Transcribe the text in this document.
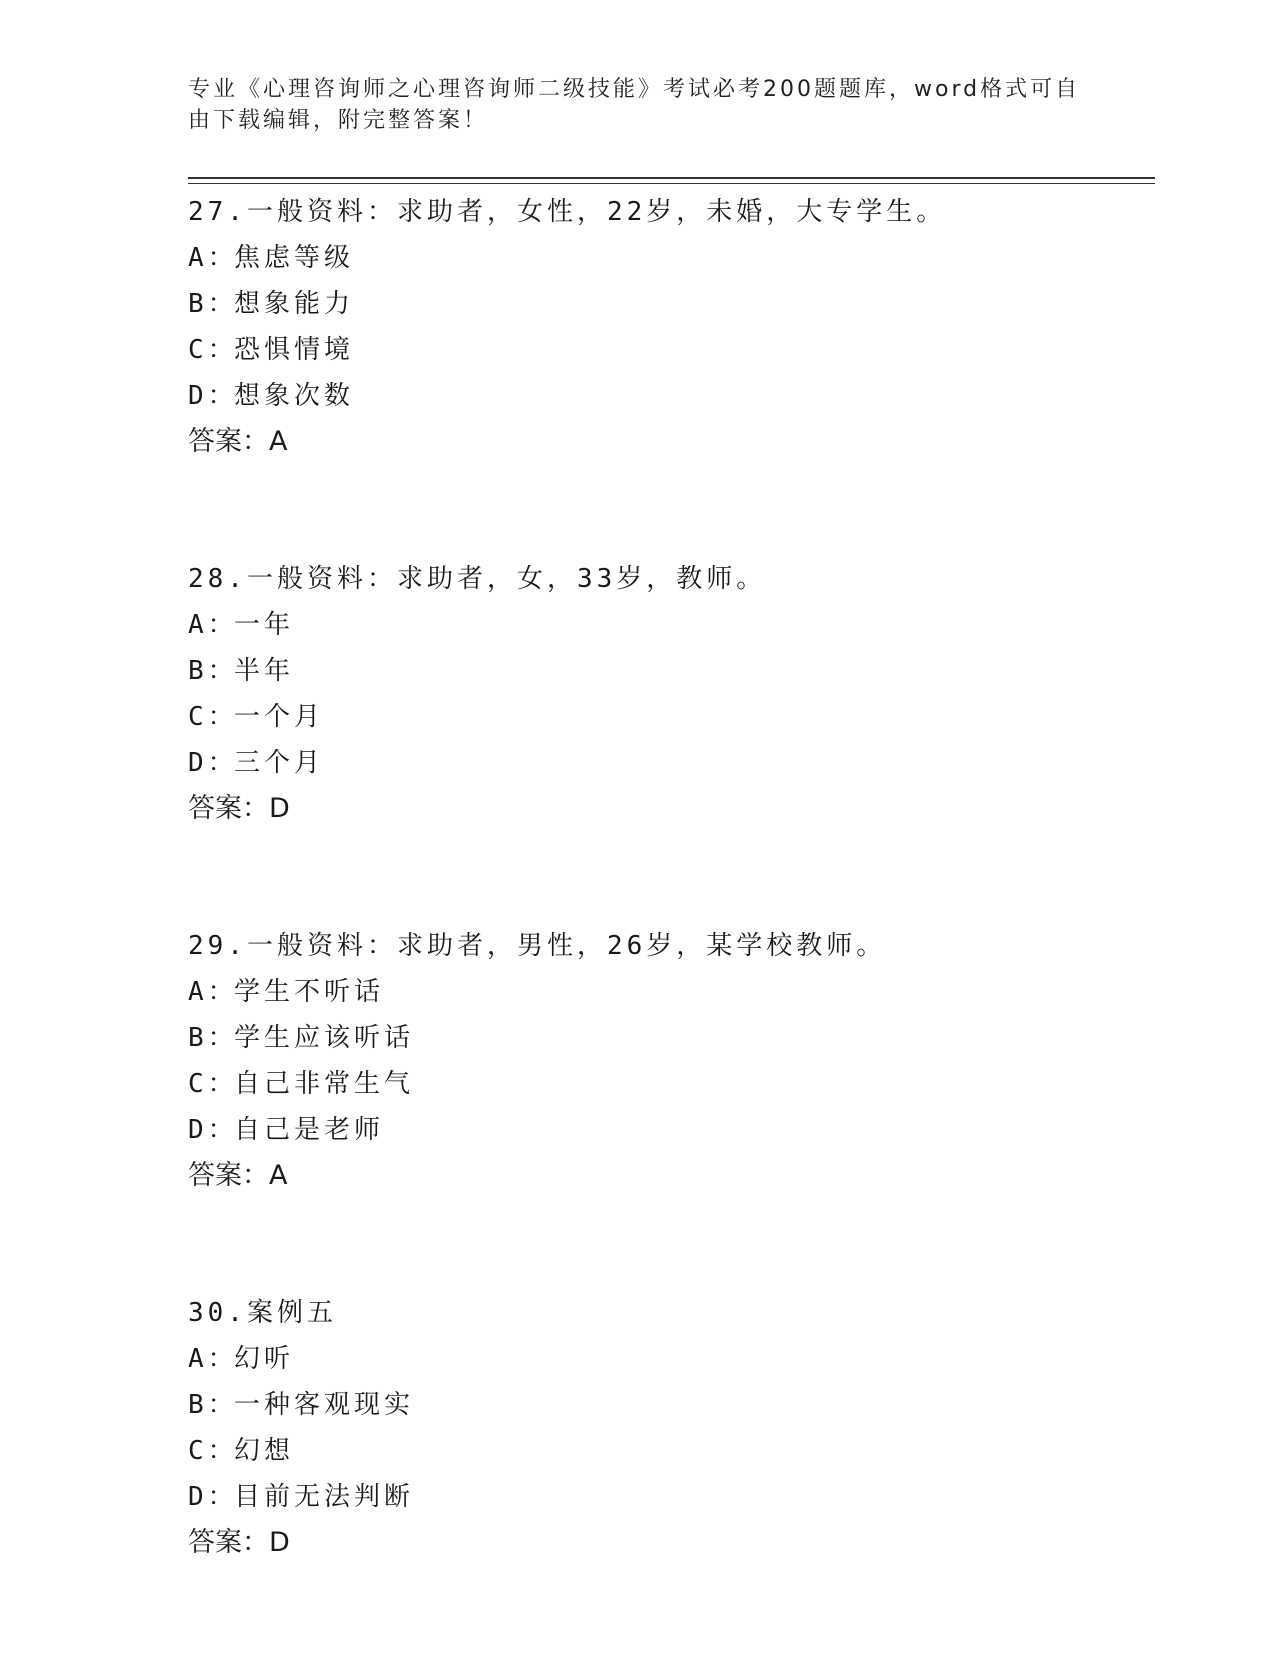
专业《心理咨询师之心理咨询师二级技能》考试必考200题题库，word格式可自
由下载编辑，附完整答案！
27.一般资料：求助者，女性，22岁，未婚，大专学生。
A：焦虑等级
B：想象能力
C：恐惧情境
D：想象次数
答案：A
28.一般资料：求助者，女，33岁，教师。
A：一年
B：半年
C：一个月
D：三个月
答案：D
29.一般资料：求助者，男性，26岁，某学校教师。
A：学生不听话
B：学生应该听话
C：自己非常生气
D：自己是老师
答案：A
30.案例五
A：幻听
B：一种客观现实
C：幻想
D：目前无法判断
答案：D
